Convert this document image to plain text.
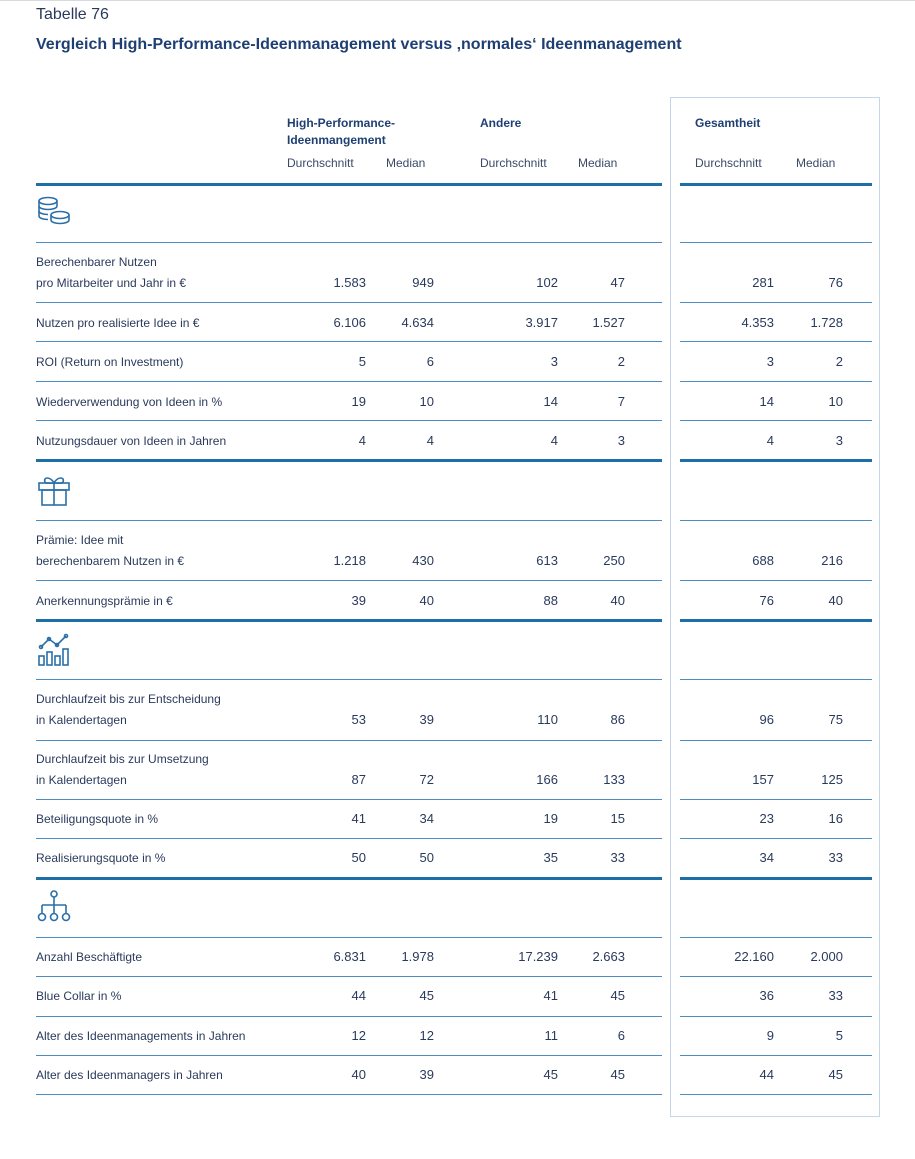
Tabelle 76
Vergleich High-Performance-Ideenmanagement versus ‚normales‘ Ideenmanagement
High-Performance-
Ideenmangement
Andere	Gesamtheit
Durchschnitt	Median	Durchschnitt	Median	Durchschnitt	Median
Berechenbarer Nutzen
pro Mitarbeiter und Jahr in €	1.583	949	102	47	281	76
Nutzen pro realisierte Idee in €	6.106	4.634	3.917	1.527	4.353	1.728
ROI (Return on Investment)	5	6	3	2	3	2
Wiederverwendung von Ideen in %	19	10	14	7	14	10
Nutzungsdauer von Ideen in Jahren	4	4	4	3	4	3
Prämie: Idee mit
berechenbarem Nutzen in €	1.218	430	613	250	688	216
Anerkennungsprämie in €	39	40	88	40	76	40
Durchlaufzeit bis zur Entscheidung
in Kalendertagen	53	39	110	86	96	75
Durchlaufzeit bis zur Umsetzung
in Kalendertagen	87	72	166	133	157	125
Beteiligungsquote in %	41	34	19	15	23	16
Realisierungsquote in %	50	50	35	33	34	33
Anzahl Beschäftigte	6.831	1.978	17.239	2.663	22.160	2.000
Blue Collar in %	44	45	41	45	36	33
Alter des Ideenmanagements in Jahren	12	12	11	6	9	5
Alter des Ideenmanagers in Jahren	40	39	45	45	44	45
